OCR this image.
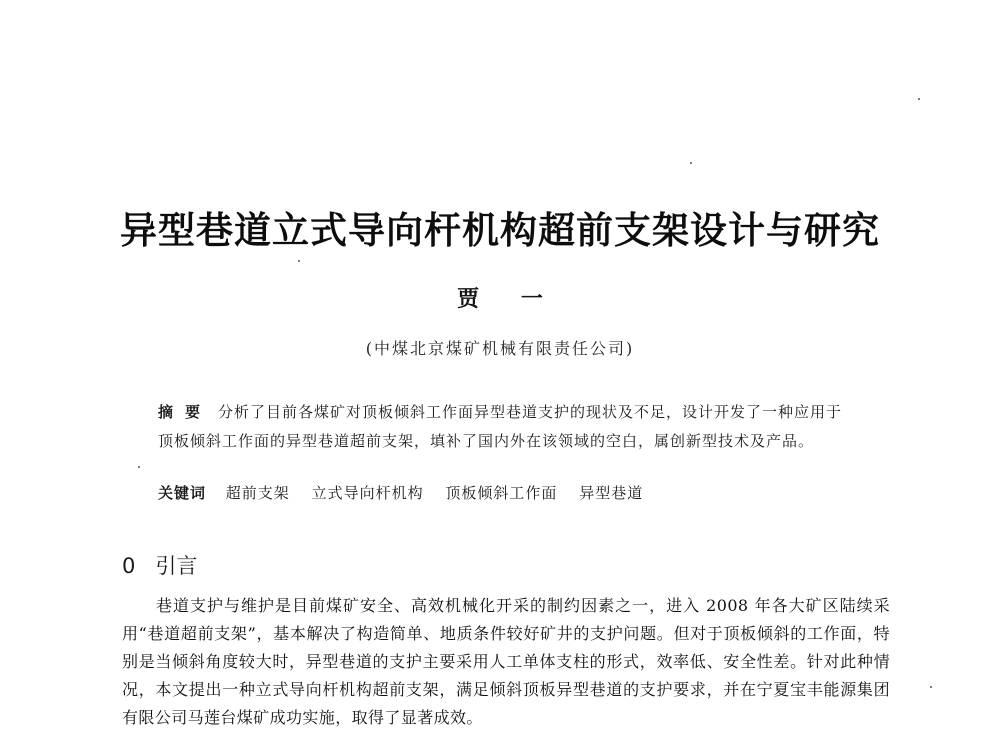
异型巷道立式导向杆机构超前支架设计与研究
贾 一
(中煤北京煤矿机械有限责任公司)
摘要 分析了目前各煤矿对顶板倾斜工作面异型巷道支护的现状及不足，设计开发了一种应用于顶板倾斜工作面的异型巷道超前支架，填补了国内外在该领域的空白，属创新型技术及产品。
关键词 超前支架 立式导向杆机构 顶板倾斜工作面 异型巷道
0 引言
巷道支护与维护是目前煤矿安全、高效机械化开采的制约因素之一，进入 2008 年各大矿区陆续采用“巷道超前支架”，基本解决了构造简单、地质条件较好矿井的支护问题。但对于顶板倾斜的工作面，特别是当倾斜角度较大时，异型巷道的支护主要采用人工单体支柱的形式，效率低、安全性差。针对此种情况，本文提出一种立式导向杆机构超前支架，满足倾斜顶板异型巷道的支护要求，并在宁夏宝丰能源集团有限公司马莲台煤矿成功实施，取得了显著成效。
